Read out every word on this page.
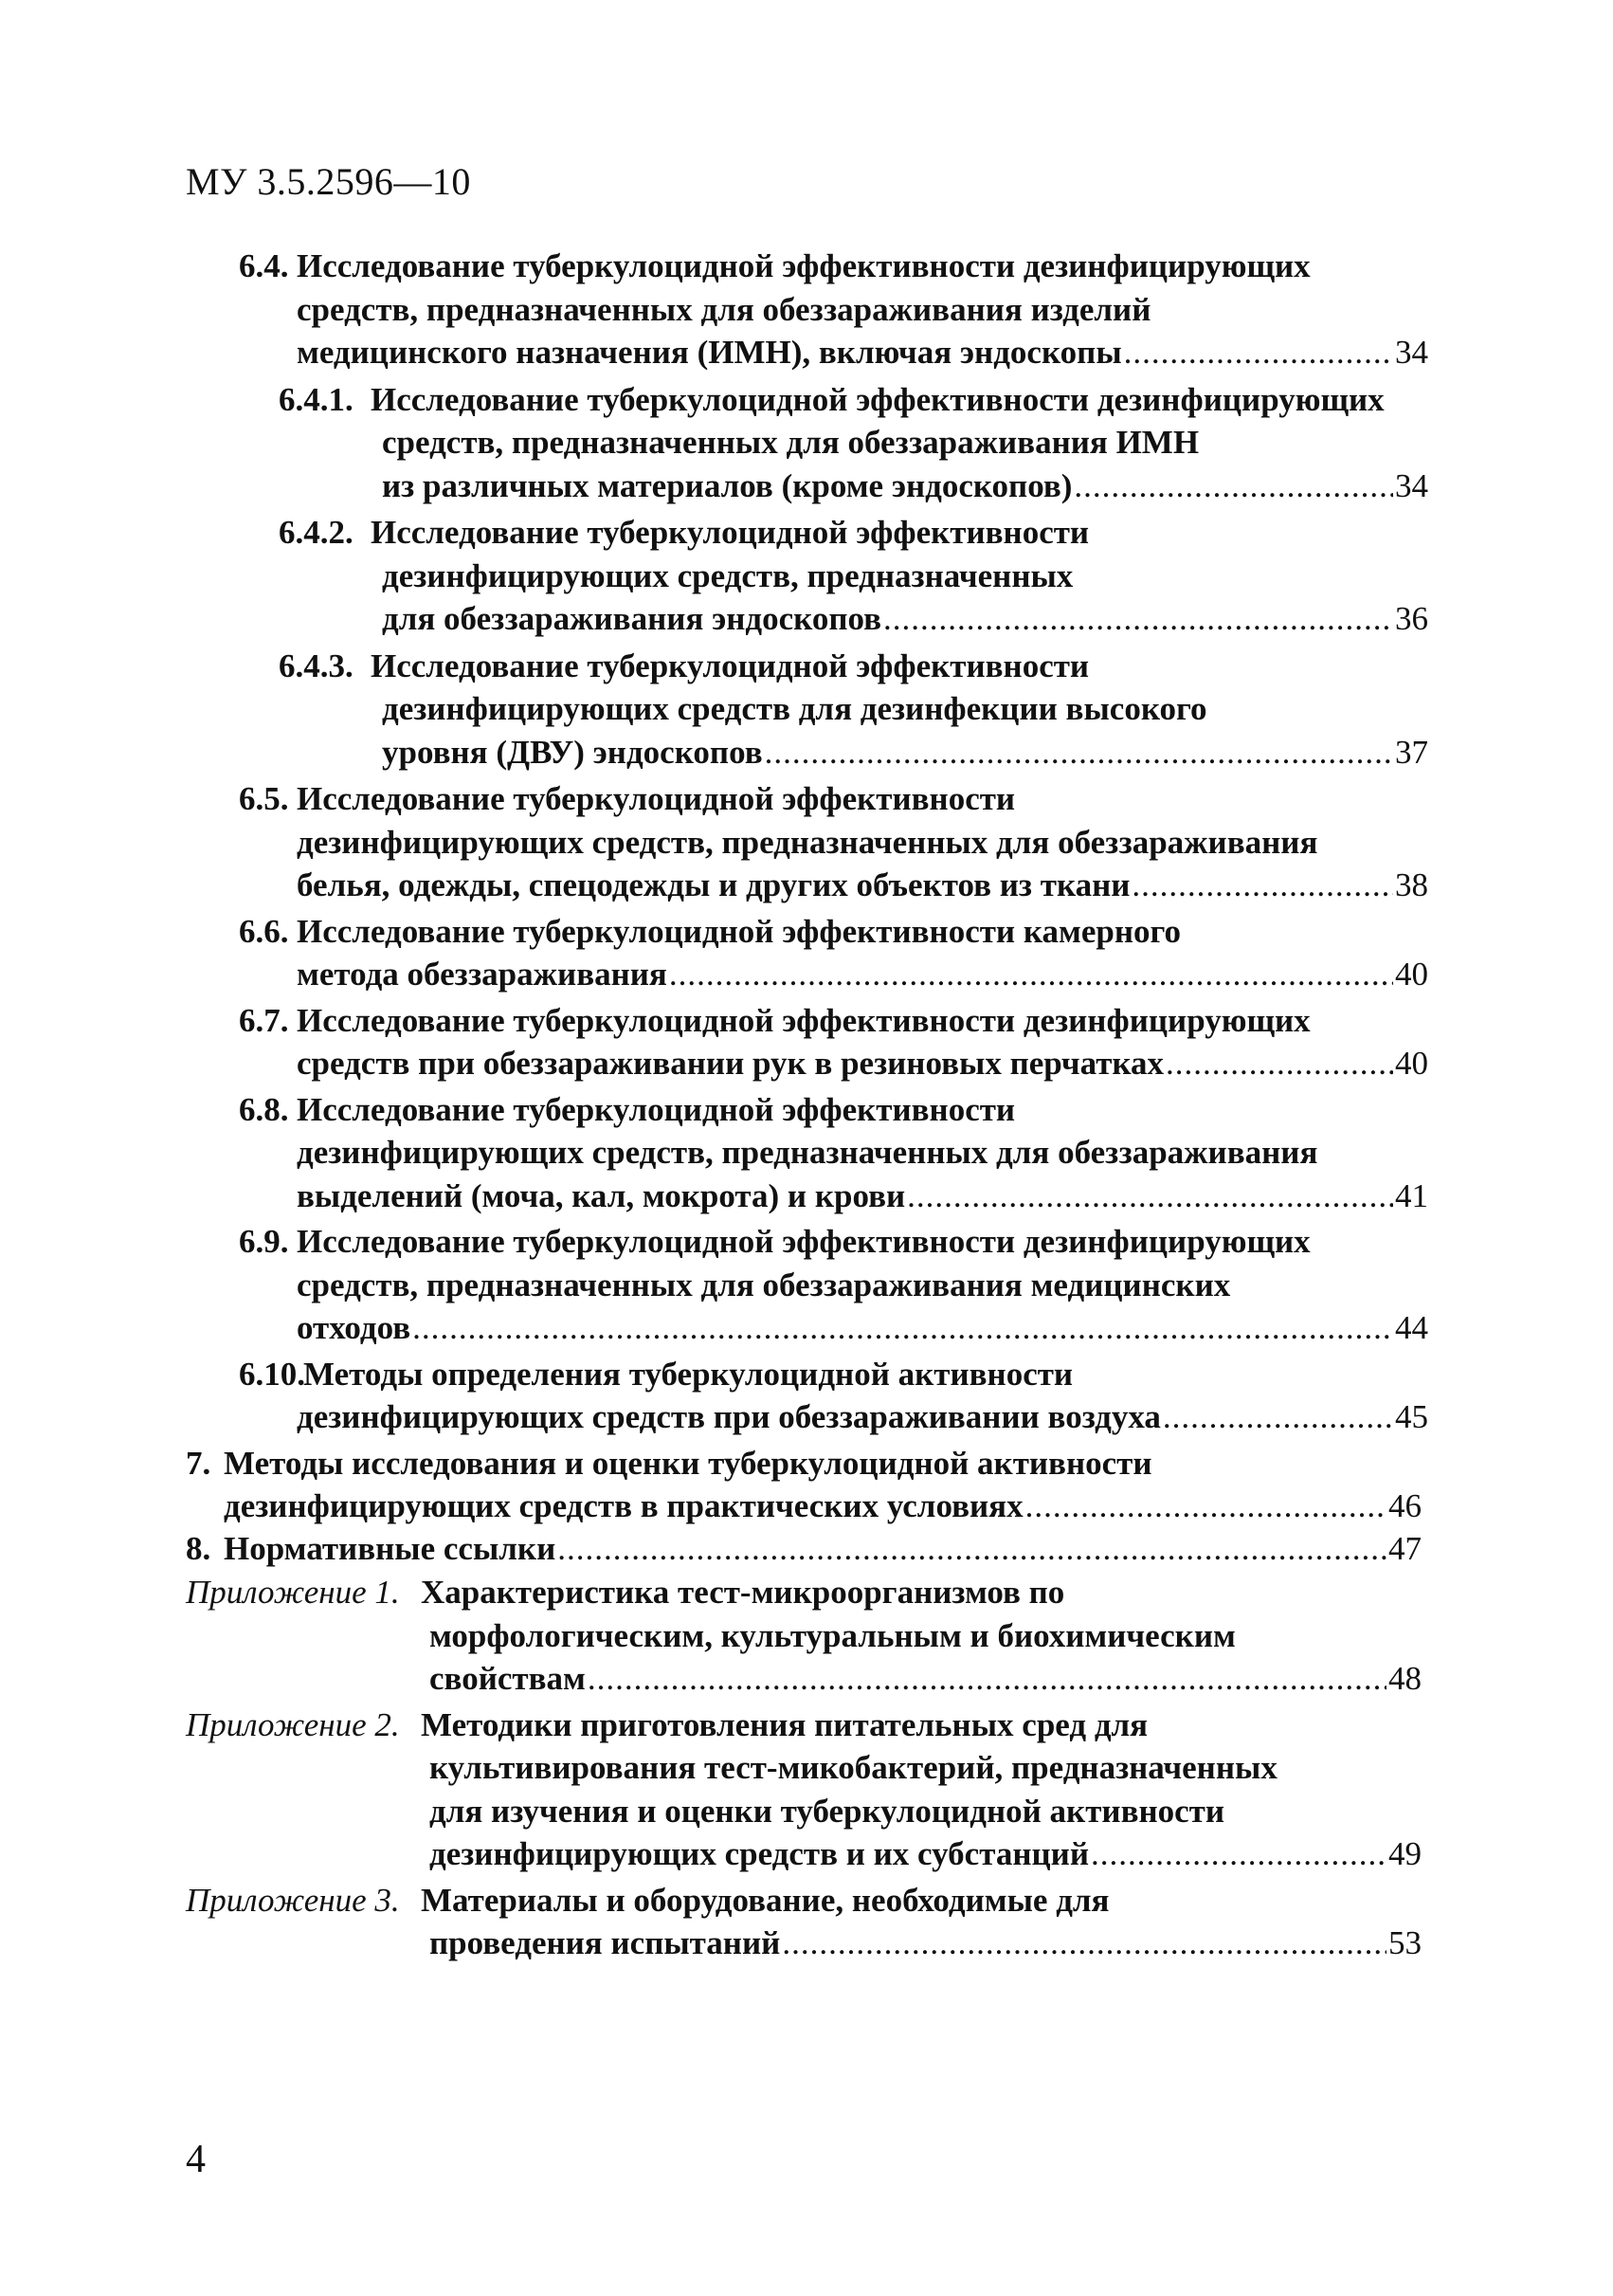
МУ 3.5.2596—10
6.4. Исследование туберкулоцидной эффективности дезинфицирующих
средств, предназначенных для обеззараживания изделий
медицинского назначения (ИМН), включая эндоскопы .....	34
6.4.1. Исследование туберкулоцидной эффективности дезинфицирующих
средств, предназначенных для обеззараживания ИМН
из различных материалов (кроме эндоскопов) .....	34
6.4.2. Исследование туберкулоцидной эффективности
дезинфицирующих средств, предназначенных
для обеззараживания эндоскопов .....	36
6.4.3. Исследование туберкулоцидной эффективности
дезинфицирующих средств для дезинфекции высокого
уровня (ДВУ) эндоскопов .....	37
6.5. Исследование туберкулоцидной эффективности
дезинфицирующих средств, предназначенных для обеззараживания
белья, одежды, спецодежды и других объектов из ткани .....	38
6.6. Исследование туберкулоцидной эффективности камерного
метода обеззараживания .....	40
6.7. Исследование туберкулоцидной эффективности дезинфицирующих
средств при обеззараживании рук в резиновых перчатках .....	40
6.8. Исследование туберкулоцидной эффективности
дезинфицирующих средств, предназначенных для обеззараживания
выделений (моча, кал, мокрота) и крови .....	41
6.9. Исследование туберкулоцидной эффективности дезинфицирующих
средств, предназначенных для обеззараживания медицинских
отходов .....	44
6.10.
Методы определения туберкулоцидной активности
дезинфицирующих средств при обеззараживании воздуха .....	45
7. Методы исследования и оценки туберкулоцидной активности
дезинфицирующих средств в практических условиях .....	46
8. Нормативные ссылки .....	47
Приложение 1. Характеристика тест-микроорганизмов по
морфологическим, культуральным и биохимическим
свойствам .....	48
Приложение 2. Методики приготовления питательных сред для
культивирования тест-микобактерий, предназначенных
для изучения и оценки туберкулоцидной активности
дезинфицирующих средств и их субстанций .....	49
Приложение 3. Материалы и оборудование, необходимые для
проведения испытаний .....	53
4
